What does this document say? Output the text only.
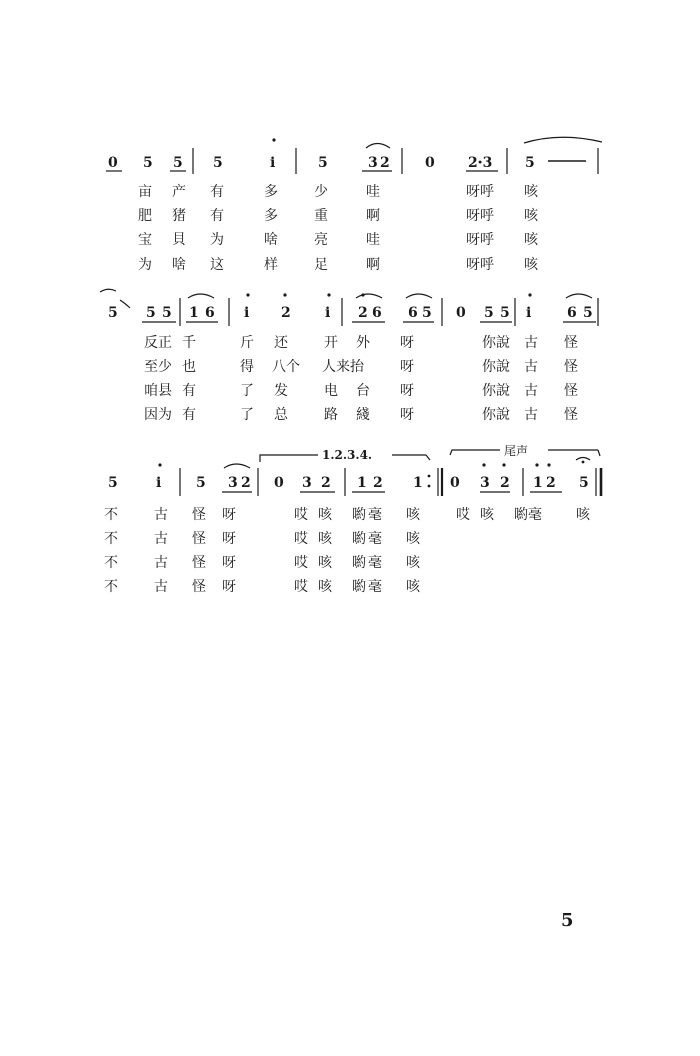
0 5 5 5	i	5	3 2	0 2·3 5
亩 产 有	多	少	哇	呀呼 咳
肥 猪 有	多	重	啊	呀呼 咳
宝 貝 为	啥	亮	哇	呀呼 咳
为 啥 这	样	足	啊	呀呼 咳
5 5 5 1 6 i 2 i 2 6 6 5 0 5 5 i	6 5
反正 千	斤 还	开 外 呀	你說 古 怪
至少 也	得 八个 人来抬	呀	你說 古 怪
咱县 有	了 发	电 台 呀	你說 古 怪
因为 有	了 总	路 綫 呀	你說 古 怪
1.2.3.4.	尾声
5	i 5 3 2 0 3 2 1 2 1 0 3 2 1 2 5
不	古 怪 呀	哎 咳 喲 毫 咳	哎 咳 喲毫 咳
不	古 怪 呀	哎 咳 喲 毫 咳
不	古 怪 呀	哎 咳 喲 毫 咳
不	古 怪 呀	哎 咳 喲 毫 咳
5
